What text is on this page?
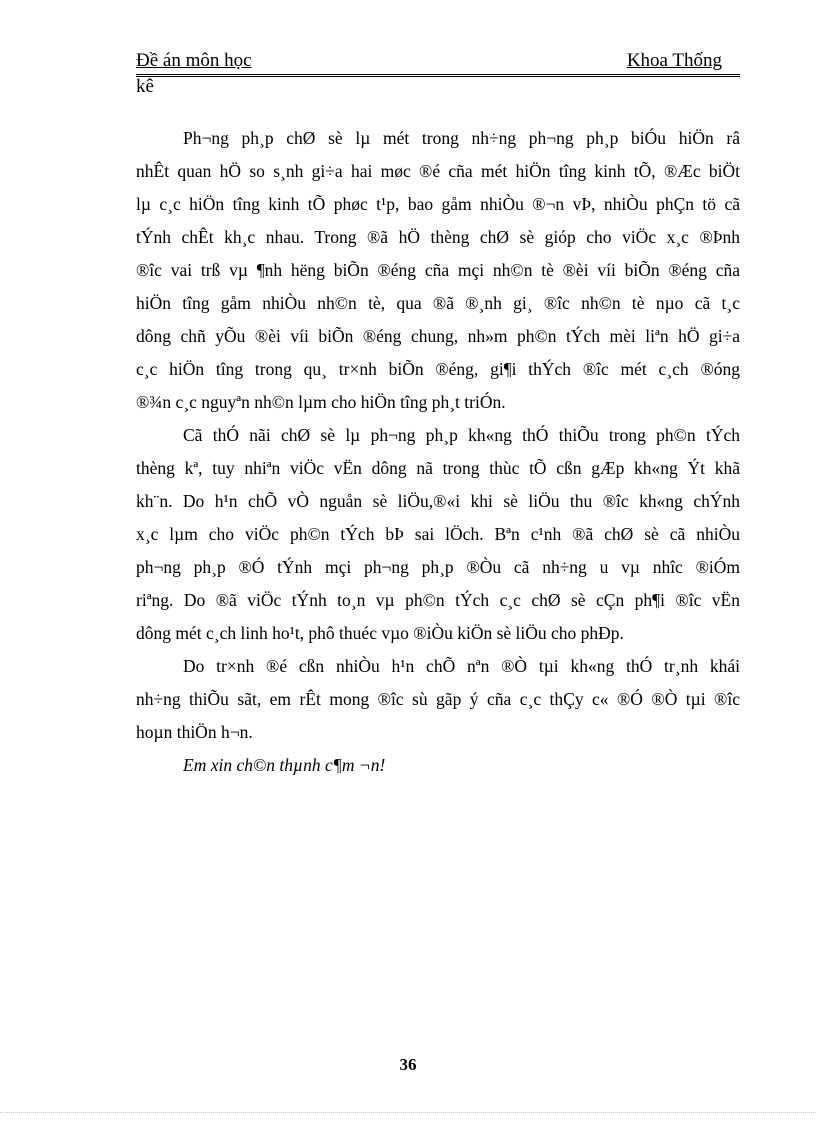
Đề án môn học	Khoa Thống
kê
Ph¬ng ph¸p chØ sè lµ mét trong nh÷ng ph¬ng ph¸p biÓu hiÖn râ
nhÊt quan hÖ so s¸nh gi÷a hai møc ®é cña mét hiÖn tîng kinh tÕ, ®Æc biÖt
lµ c¸c hiÖn tîng kinh tÕ phøc t¹p, bao gåm nhiÒu ®¬n vÞ, nhiÒu phÇn tö cã
tÝnh chÊt kh¸c nhau. Trong ®ã hÖ thèng chØ sè gióp cho viÖc x¸c ®Þnh
®îc vai trß vµ ¶nh hëng biÕn ®éng cña mçi nh©n tè ®èi víi biÕn ®éng cña
hiÖn tîng gåm nhiÒu nh©n tè, qua ®ã ®¸nh gi¸ ®îc nh©n tè nµo cã t¸c
dông chñ yÕu ®èi víi biÕn ®éng chung, nh»m ph©n tÝch mèi liªn hÖ gi÷a
c¸c hiÖn tîng trong qu¸ tr×nh biÕn ®éng, gi¶i thÝch ®îc mét c¸ch ®óng
®¾n c¸c nguyªn nh©n lµm cho hiÖn tîng ph¸t triÓn.
Cã thÓ nãi chØ sè lµ ph¬ng ph¸p kh«ng thÓ thiÕu trong ph©n tÝch
thèng kª, tuy nhiªn viÖc vËn dông nã trong thùc tÕ cßn gÆp kh«ng Ýt khã
kh¨n. Do h¹n chÕ vÒ nguån sè liÖu,®«i khi sè liÖu thu ®îc kh«ng chÝnh
x¸c lµm cho viÖc ph©n tÝch bÞ sai lÖch. Bªn c¹nh ®ã chØ sè cã nhiÒu
ph¬ng ph¸p ®Ó tÝnh mçi ph¬ng ph¸p ®Òu cã nh÷ng u vµ nhîc ®iÓm
riªng. Do ®ã viÖc tÝnh to¸n vµ ph©n tÝch c¸c chØ sè cÇn ph¶i ®îc vËn
dông mét c¸ch linh ho¹t, phô thuéc vµo ®iÒu kiÖn sè liÖu cho phÐp.
Do tr×nh ®é cßn nhiÒu h¹n chÕ nªn ®Ò tµi kh«ng thÓ tr¸nh khái
nh÷ng thiÕu sãt, em rÊt mong ®îc sù gãp ý cña c¸c thÇy c« ®Ó ®Ò tµi ®îc
hoµn thiÖn h¬n.
Em xin ch©n thµnh c¶m ¬n!
36
